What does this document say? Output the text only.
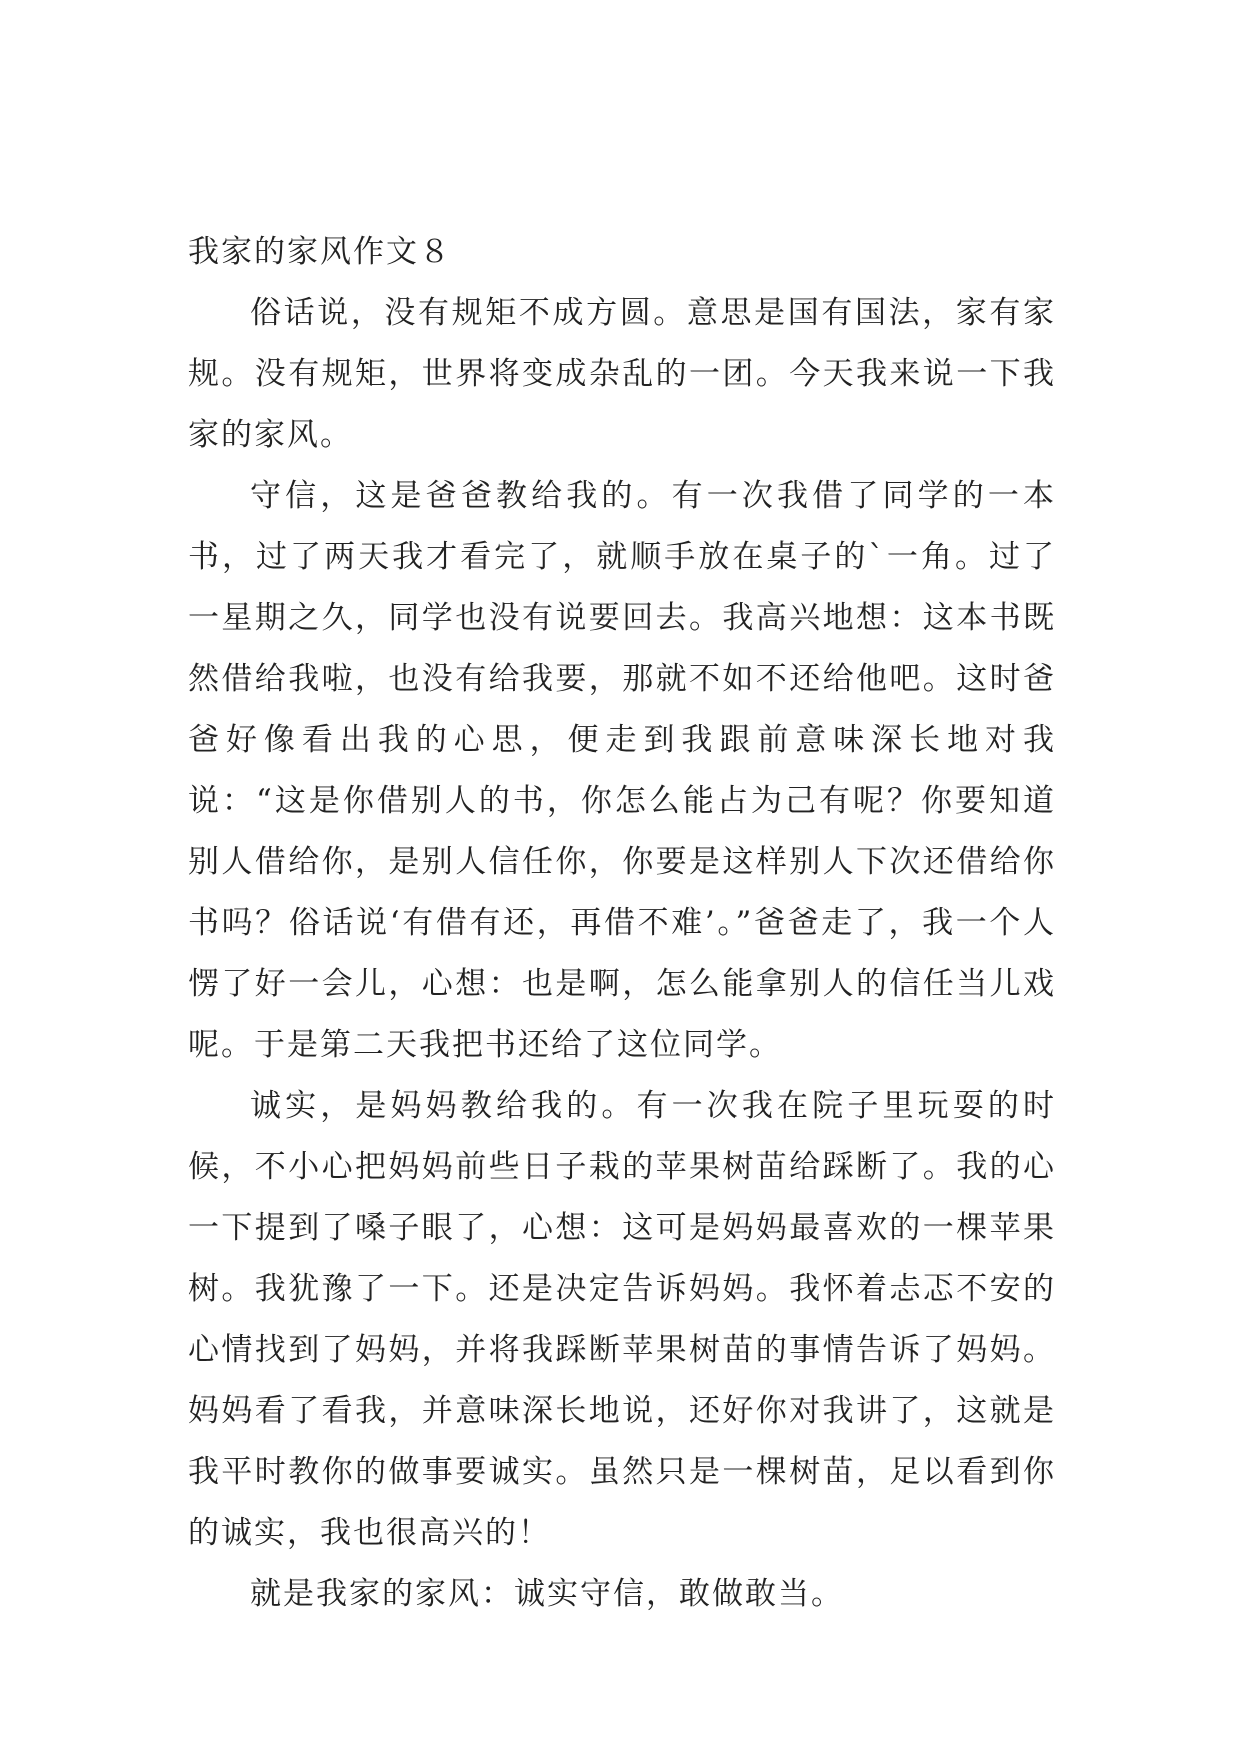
我家的家风作文８

俗话说，没有规矩不成方圆。意思是国有国法，家有家规。没有规矩，世界将变成杂乱的一团。今天我来说一下我家的家风。

守信，这是爸爸教给我的。有一次我借了同学的一本书，过了两天我才看完了，就顺手放在桌子的`一角。过了一星期之久，同学也没有说要回去。我高兴地想：这本书既然借给我啦，也没有给我要，那就不如不还给他吧。这时爸爸好像看出我的心思，便走到我跟前意味深长地对我说：“这是你借别人的书，你怎么能占为己有呢？你要知道别人借给你，是别人信任你，你要是这样别人下次还借给你书吗？俗话说‘有借有还，再借不难’。”爸爸走了，我一个人愣了好一会儿，心想：也是啊，怎么能拿别人的信任当儿戏呢。于是第二天我把书还给了这位同学。

诚实，是妈妈教给我的。有一次我在院子里玩耍的时候，不小心把妈妈前些日子栽的苹果树苗给踩断了。我的心一下提到了嗓子眼了，心想：这可是妈妈最喜欢的一棵苹果树。我犹豫了一下。还是决定告诉妈妈。我怀着忐忑不安的心情找到了妈妈，并将我踩断苹果树苗的事情告诉了妈妈。妈妈看了看我，并意味深长地说，还好你对我讲了，这就是我平时教你的做事要诚实。虽然只是一棵树苗，足以看到你的诚实，我也很高兴的！

就是我家的家风：诚实守信，敢做敢当。
